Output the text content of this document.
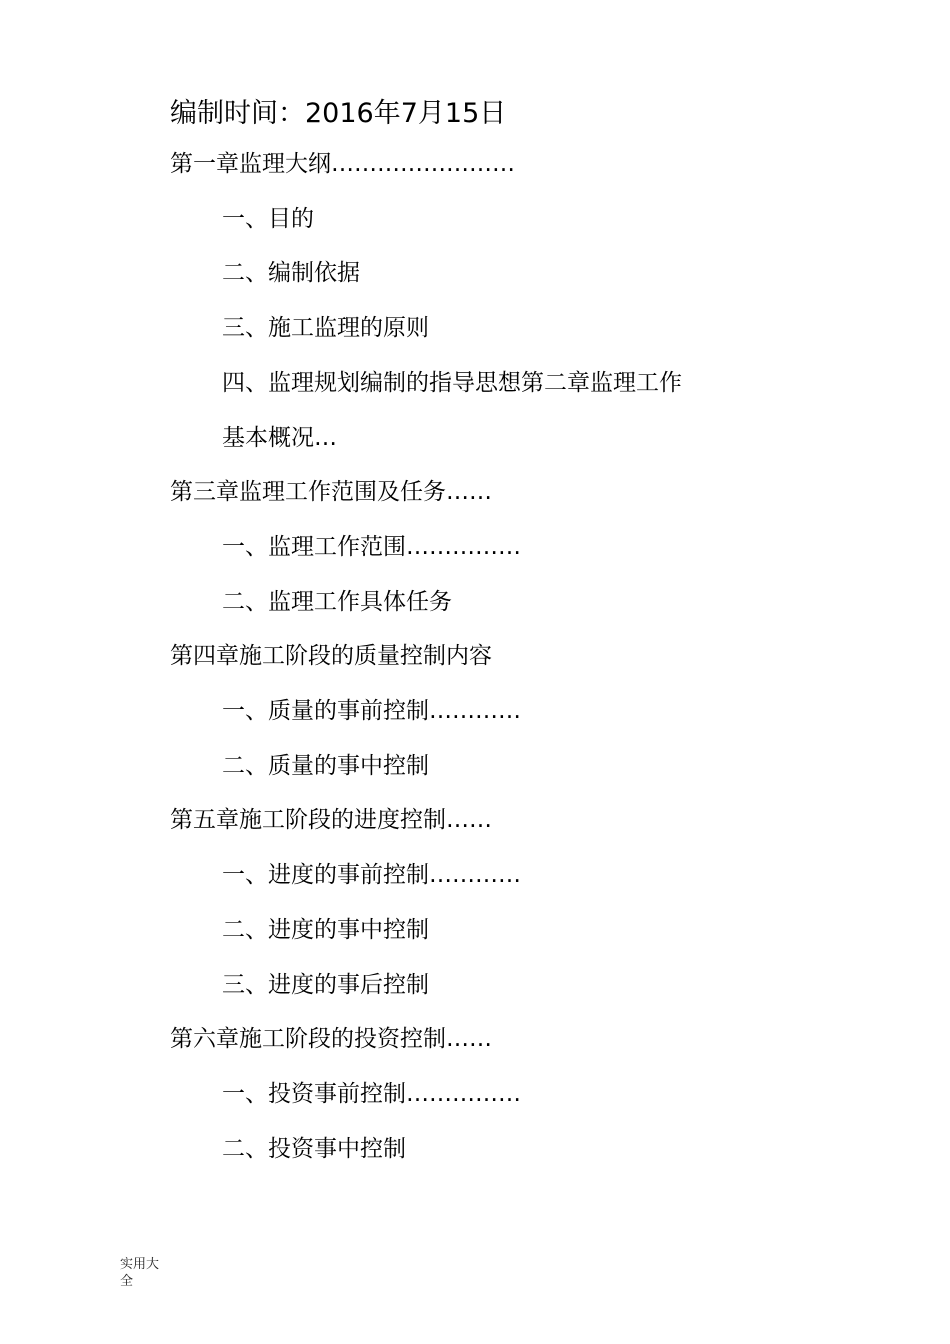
编制时间：2016年7月15日
第一章监理大纲……………………
一、目的
二、编制依据
三、施工监理的原则
四、监理规划编制的指导思想第二章监理工作
基本概况…
第三章监理工作范围及任务……
一、监理工作范围……………
二、监理工作具体任务
第四章施工阶段的质量控制内容
一、质量的事前控制…………
二、质量的事中控制
第五章施工阶段的进度控制……
一、进度的事前控制…………
二、进度的事中控制
三、进度的事后控制
第六章施工阶段的投资控制……
一、投资事前控制……………
二、投资事中控制
实用大全
